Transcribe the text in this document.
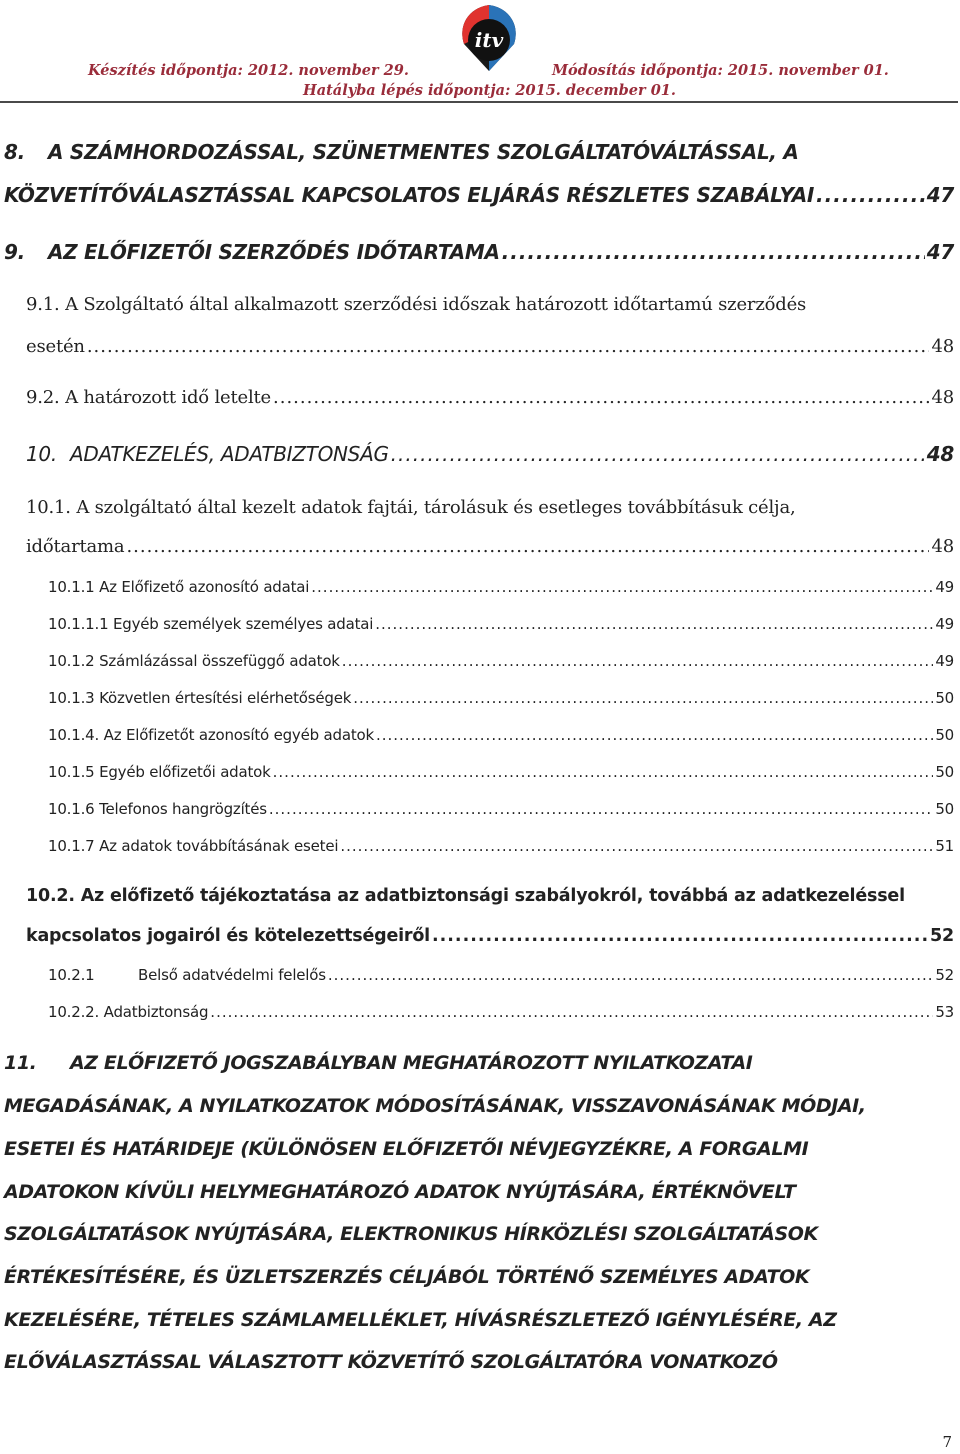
Készítés időpontja: 2012. november 29.
itv
Módosítás időpontja: 2015. november 01.
Hatályba lépés időpontja: 2015. december 01.
8. A SZÁMHORDOZÁSSAL, SZÜNETMENTES SZOLGÁLTATÓVÁLTÁSSAL, A
KÖZVETÍTŐVÁLASZTÁSSAL KAPCSOLATOS ELJÁRÁS RÉSZLETES SZABÁLYAI .....	47
9. AZ ELŐFIZETŐI SZERZŐDÉS IDŐTARTAMA .....	47
9.1. A Szolgáltató által alkalmazott szerződési időszak határozott időtartamú szerződés
esetén .....	48
9.2. A határozott idő letelte .....	48
10. ADATKEZELÉS, ADATBIZTONSÁG .....	48
10.1. A szolgáltató által kezelt adatok fajtái, tárolásuk és esetleges továbbításuk célja,
időtartama .....	48
10.1.1 Az Előfizető azonosító adatai .....	49
10.1.1.1 Egyéb személyek személyes adatai .....	49
10.1.2 Számlázással összefüggő adatok .....	49
10.1.3 Közvetlen értesítési elérhetőségek .....	50
10.1.4. Az Előfizetőt azonosító egyéb adatok .....	50
10.1.5 Egyéb előfizetői adatok .....	50
10.1.6 Telefonos hangrögzítés .....	50
10.1.7 Az adatok továbbításának esetei .....	51
10.2. Az előfizető tájékoztatása az adatbiztonsági szabályokról, továbbá az adatkezeléssel
kapcsolatos jogairól és kötelezettségeiről .....	52
10.2.1	Belső adatvédelmi felelős .....	52
10.2.2. Adatbiztonság .....	53
11. AZ ELŐFIZETŐ JOGSZABÁLYBAN MEGHATÁROZOTT NYILATKOZATAI
MEGADÁSÁNAK, A NYILATKOZATOK MÓDOSÍTÁSÁNAK, VISSZAVONÁSÁNAK MÓDJAI,
ESETEI ÉS HATÁRIDEJE (KÜLÖNÖSEN ELŐFIZETŐI NÉVJEGYZÉKRE, A FORGALMI
ADATOKON KÍVÜLI HELYMEGHATÁROZÓ ADATOK NYÚJTÁSÁRA, ÉRTÉKNÖVELT
SZOLGÁLTATÁSOK NYÚJTÁSÁRA, ELEKTRONIKUS HÍRKÖZLÉSI SZOLGÁLTATÁSOK
ÉRTÉKESÍTÉSÉRE, ÉS ÜZLETSZERZÉS CÉLJÁBÓL TÖRTÉNŐ SZEMÉLYES ADATOK
KEZELÉSÉRE, TÉTELES SZÁMLAMELLÉKLET, HÍVÁSRÉSZLETEZŐ IGÉNYLÉSÉRE, AZ
ELŐVÁLASZTÁSSAL VÁLASZTOTT KÖZVETÍTŐ SZOLGÁLTATÓRA VONATKOZÓ
7
